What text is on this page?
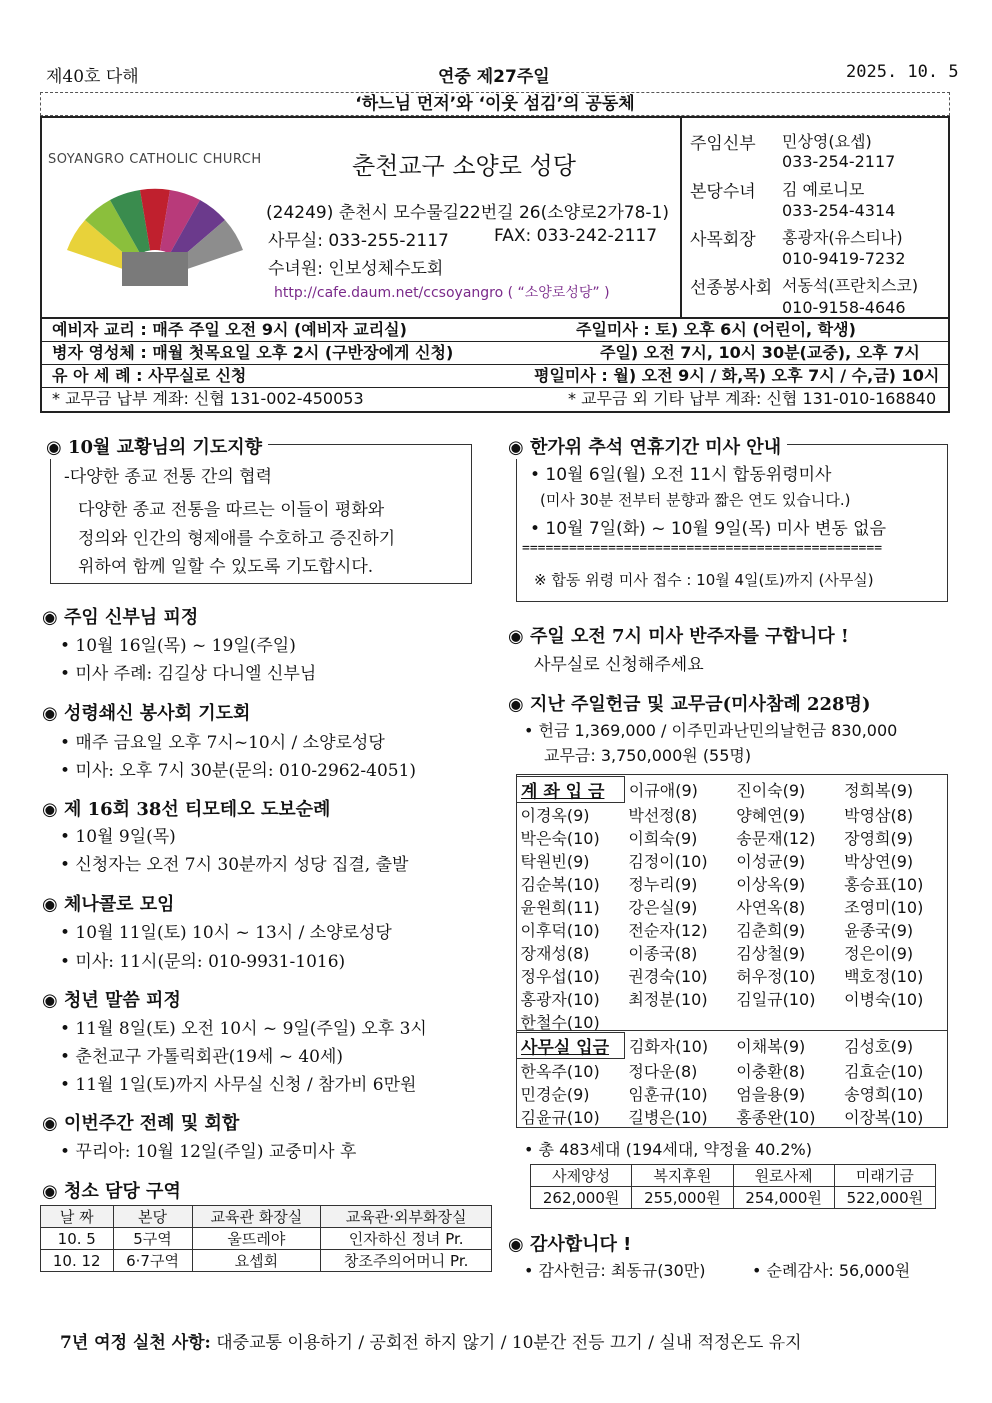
제40호 다해	연중 제27주일	2025. 10. 5
‘하느님 먼저’와 ‘이웃 섬김’의 공동체
SOYANGRO CATHOLIC CHURCH	춘천교구 소양로 성당
(24249) 춘천시 모수물길22번길 26(소양로2가78-1)
사무실: 033-255-2117	FAX: 033-242-2117
수녀원: 인보성체수도회
http://cafe.daum.net/ccsoyangro ( “소양로성당” )
주임신부 민상영(요셉)
033-254-2117
본당수녀 김 예로니모
033-254-4314
사목회장 홍광자(유스티나)
010-9419-7232
선종봉사회 서동석(프란치스코)
010-9158-4646
예비자 교리 : 매주 주일 오전 9시 (예비자 교리실)	주일미사 : 토) 오후 6시 (어린이, 학생)
병자 영성체 : 매월 첫목요일 오후 2시 (구반장에게 신청)	주일) 오전 7시, 10시 30분(교중), 오후 7시
유 아 세 례 : 사무실로 신청	평일미사 : 월) 오전 9시 / 화,목) 오후 7시 / 수,금) 10시
* 교무금 납부 계좌: 신협 131-002-450053	* 교무금 외 기타 납부 계좌: 신협 131-010-168840
◉ 10월 교황님의 기도지향
-다양한 종교 전통 간의 협력
다양한 종교 전통을 따르는 이들이 평화와
정의와 인간의 형제애를 수호하고 증진하기
위하여 함께 일할 수 있도록 기도합시다.
◉ 주임 신부님 피정
• 10월 16일(목) ~ 19일(주일)
• 미사 주례: 김길상 다니엘 신부님
◉ 성령쇄신 봉사회 기도회
• 매주 금요일 오후 7시~10시 / 소양로성당
• 미사: 오후 7시 30분(문의: 010-2962-4051)
◉ 제 16회 38선 티모테오 도보순례
• 10월 9일(목)
• 신청자는 오전 7시 30분까지 성당 집결, 출발
◉ 체나콜로 모임
• 10월 11일(토) 10시 ~ 13시 / 소양로성당
• 미사: 11시(문의: 010-9931-1016)
◉ 청년 말씀 피정
• 11월 8일(토) 오전 10시 ~ 9일(주일) 오후 3시
• 춘천교구 가톨릭회관(19세 ~ 40세)
• 11월 1일(토)까지 사무실 신청 / 참가비 6만원
◉ 이번주간 전례 및 회합
• 꾸리아: 10월 12일(주일) 교중미사 후
◉ 청소 담당 구역
날 짜	본당	교육관 화장실	교육관·외부화장실
10. 5	5구역	울뜨레야	인자하신 정녀 Pr.
10. 12	6·7구역	요셉회	창조주의어머니 Pr.
◉ 한가위 추석 연휴기간 미사 안내
• 10월 6일(월) 오전 11시 합동위령미사
(미사 30분 전부터 분향과 짧은 연도 있습니다.)
• 10월 7일(화) ~ 10월 9일(목) 미사 변동 없음
==============================================
※ 합동 위령 미사 접수 : 10월 4일(토)까지 (사무실)
◉ 주일 오전 7시 미사 반주자를 구합니다 !
사무실로 신청해주세요
◉ 지난 주일헌금 및 교무금(미사참례 228명)
• 헌금 1,369,000 / 이주민과난민의날헌금 830,000
교무금: 3,750,000원 (55명)
계 좌 입 금	이규애(9)	진이숙(9)	정희복(9)
이경옥(9)	박선정(8)	양혜연(9)	박영삼(8)
박은숙(10)	이희숙(9)	송문재(12)	장영희(9)
탁원빈(9)	김정이(10)	이성균(9)	박상연(9)
김순복(10)	정누리(9)	이상옥(9)	홍승표(10)
윤원희(11)	강은실(9)	사연옥(8)	조영미(10)
이후덕(10)	전순자(12)	김춘희(9)	윤종국(9)
장재성(8)	이종국(8)	김상철(9)	정은이(9)
정우섭(10)	권경숙(10)	허우정(10)	백호정(10)
홍광자(10)	최정분(10)	김일규(10)	이병숙(10)
한철수(10)			
사무실 입금	김화자(10)	이채복(9)	김성호(9)
한옥주(10)	정다운(8)	이충환(8)	김효순(10)
민경순(9)	임훈규(10)	엄을용(9)	송영희(10)
김윤규(10)	길병은(10)	홍종완(10)	이장복(10)
• 총 483세대 (194세대, 약정율 40.2%)
사제양성	복지후원	원로사제	미래기금
262,000원	255,000원	254,000원	522,000원
◉ 감사합니다 !
• 감사헌금: 최동규(30만)	• 순례감사: 56,000원
7년 여정 실천 사항: 대중교통 이용하기 / 공회전 하지 않기 / 10분간 전등 끄기 / 실내 적정온도 유지
